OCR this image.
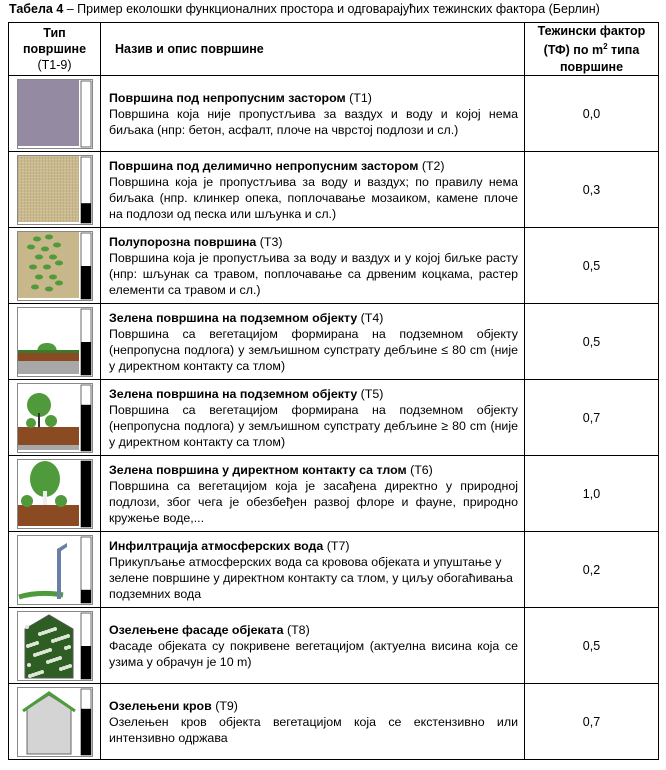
Табела 4 – Пример еколошки функционалних простора и одговарајућих тежинских фактора (Берлин)
Тип
површине
(T1-9)	Назив и опис површине	Тежински фактор
(ТФ) по $m^2$ типа
површине

Површина под непропусним застором (T1)
Површина која није пропустљива за ваздух и воду и којој нема биљака (нпр: бетон, асфалт, плоче на чврстој подлози и сл.)	0,0

Површина под делимично непропусним застором (T2)
Површина која је пропустљива за воду и ваздух; по правилу нема биљака (нпр. клинкер опека, поплочавање мозаиком, камене плоче на подлози од песка или шљунка и сл.)	0,3

Полупорозна површина (T3)
Површина која је пропустљива за воду и ваздух и у којој биљке расту (нпр: шљунак са травом, поплочавање са дрвеним коцкама, растер елементи са травом и сл.)	0,5

Зелена површина на подземном објекту (T4)
Површина са вегетацијом формирана на подземном објекту (непропусна подлога) у земљишном супстрату дебљине ≤ 80 cm (није у директном контакту са тлом)	0,5

Зелена површина на подземном објекту (T5)
Површина са вегетацијом формирана на подземном објекту (непропусна подлога) у земљишном супстрату дебљине ≥ 80 cm (није у директном контакту са тлом)	0,7

Зелена површина у директном контакту са тлом (T6)
Површина са вегетацијом која је засађена директно у природној подлози, због чега је обезбеђен развој флоре и фауне, природно кружење воде,...	1,0

Инфилтрација атмосферских вода (T7)
Прикупљање атмосферских вода са кровова објеката и упуштање у зелене површине у директном контакту са тлом, у циљу обогаћивања подземних вода	0,2

Озелењене фасаде објеката (T8)
Фасаде објеката су покривене вегетацијом (актуелна висина која се узима у обрачун је 10 m)	0,5

Озелењени кров (T9)
Озелењен кров објекта вегетацијом која се екстензивно или интензивно одржава	0,7
